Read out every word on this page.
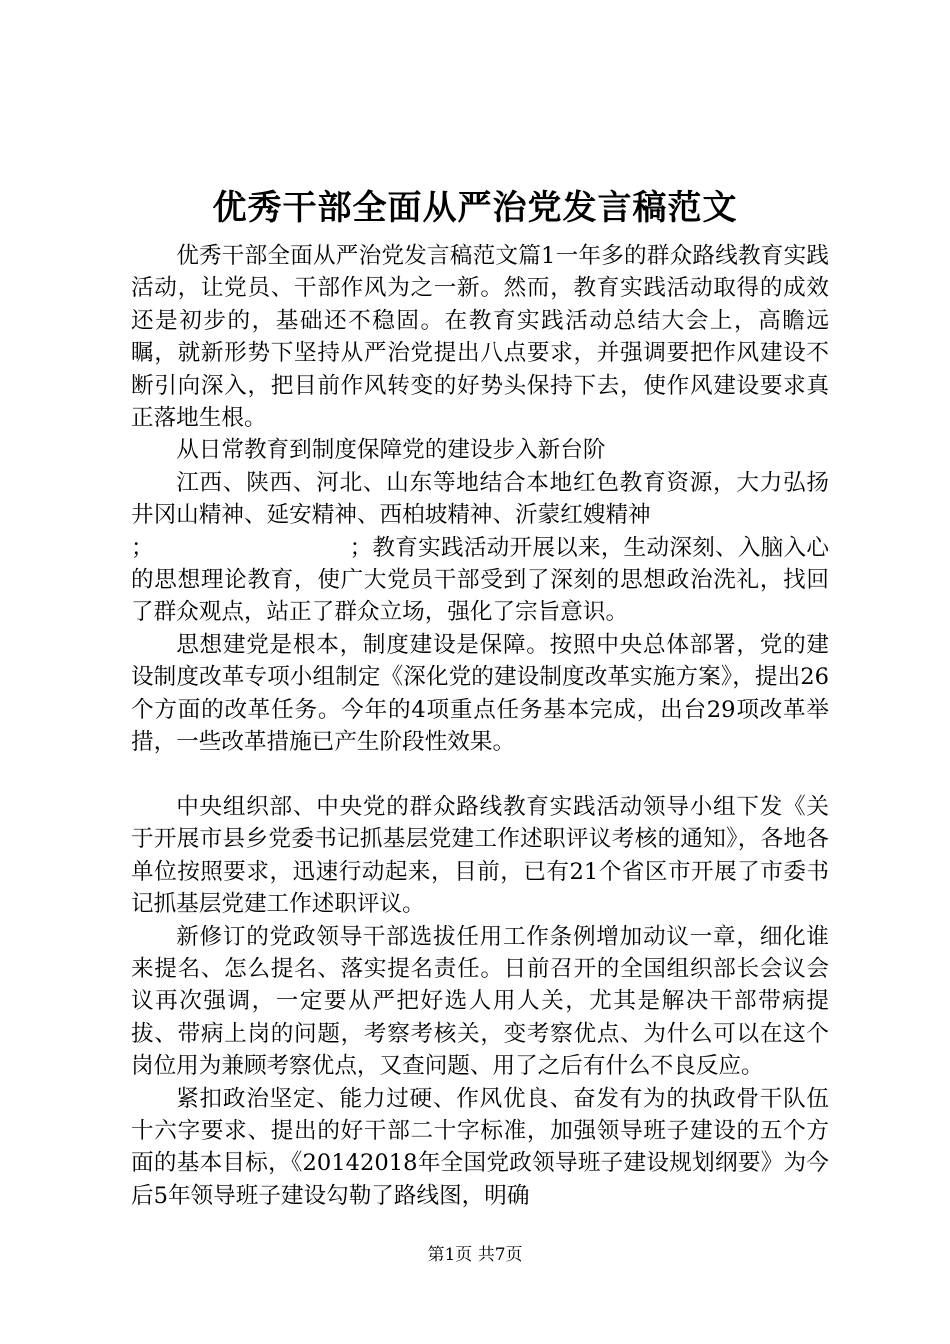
优秀干部全面从严治党发言稿范文

优秀干部全面从严治党发言稿范文篇1一年多的群众路线教育实践活动，让党员、干部作风为之一新。然而，教育实践活动取得的成效还是初步的，基础还不稳固。在教育实践活动总结大会上，高瞻远瞩，就新形势下坚持从严治党提出八点要求，并强调要把作风建设不断引向深入，把目前作风转变的好势头保持下去，使作风建设要求真正落地生根。

从日常教育到制度保障党的建设步入新台阶

江西、陕西、河北、山东等地结合本地红色教育资源，大力弘扬井冈山精神、延安精神、西柏坡精神、沂蒙红嫂精神
；	；教育实践活动开展以来，生动深刻、入脑入心的思想理论教育，使广大党员干部受到了深刻的思想政治洗礼，找回了群众观点，站正了群众立场，强化了宗旨意识。

思想建党是根本，制度建设是保障。按照中央总体部署，党的建设制度改革专项小组制定《深化党的建设制度改革实施方案》，提出26个方面的改革任务。今年的4项重点任务基本完成，出台29项改革举措，一些改革措施已产生阶段性效果。

中央组织部、中央党的群众路线教育实践活动领导小组下发《关于开展市县乡党委书记抓基层党建工作述职评议考核的通知》，各地各单位按照要求，迅速行动起来，目前，已有21个省区市开展了市委书记抓基层党建工作述职评议。

新修订的党政领导干部选拔任用工作条例增加动议一章，细化谁来提名、怎么提名、落实提名责任。日前召开的全国组织部长会议会议再次强调，一定要从严把好选人用人关，尤其是解决干部带病提拔、带病上岗的问题，考察考核关，变考察优点、为什么可以在这个岗位用为兼顾考察优点，又查问题、用了之后有什么不良反应。

紧扣政治坚定、能力过硬、作风优良、奋发有为的执政骨干队伍十六字要求、提出的好干部二十字标准，加强领导班子建设的五个方面的基本目标，《20142018年全国党政领导班子建设规划纲要》为今后5年领导班子建设勾勒了路线图，明确

第1页 共7页
